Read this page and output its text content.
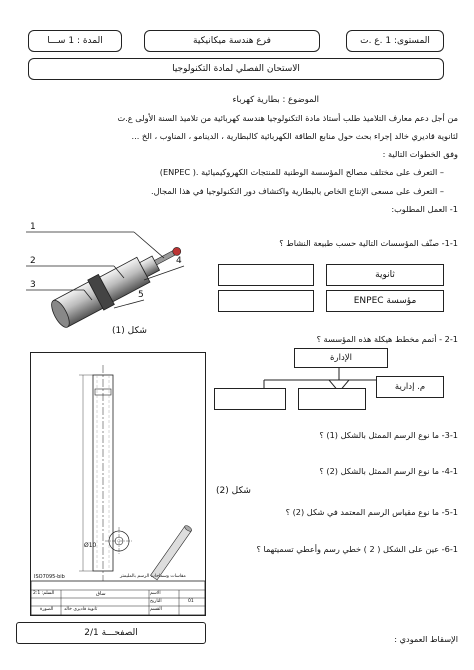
المستوى: 1 .ع .ت
فرع هندسة ميكانيكية
المدة : 1 ســـا
الاستحان الفصلي لمادة التكنولوجيا
الموضوع : بطارية كهرباء
من أجل دعم معارف التلاميذ طلب أستاذ مادة التكنولوجيا هندسة كهربائية من تلاميذ السنة الأولى ع.ت
لثانوية قاديري خالد إجراء بحث حول منابع الطاقة الكهربائية كالبطارية ، الدينامو ، المناوب ، الخ ...
وفق الخطوات التالية :
– التعرف على مختلف مصالح المؤسسة الوطنية للمنتجات الكهروكيميائية .( ENPEC)
– التعرف على مسعى الإنتاج الخاص بالبطارية واكتشاف دور التكنولوجيا في هذا المجال.
1- العمل المطلوب:
1
2
3
4
5
شكل (1)
1-1- صنّف المؤسسات التالية حسب طبيعة النشاط ؟
ثانوية
مؤسسة ENPEC
2-1 - أتمم مخطط هيكلة هذه المؤسسة ؟
الإدارة
م. إدارية
Ø10
ISO7095-bib	مقاسات وسماحات الرسم بالمليمتر
السلم: 2:1	الاسم
التاريخ
ساق
ثانوية قاديري خالد
الصورة	القسم
01
3-1- ما نوع الرسم الممثل بالشكل (1) ؟
4-1- ما نوع الرسم الممثل بالشكل (2) ؟
شكل (2)
5-1- ما نوع مقياس الرسم المعتمد في شكل (2) ؟
6-1- عين على الشكل ( 2 ) خطي رسم وأعطي تسميتهما ؟
الإسقاط العمودي :
الصفحـــة 2/1
